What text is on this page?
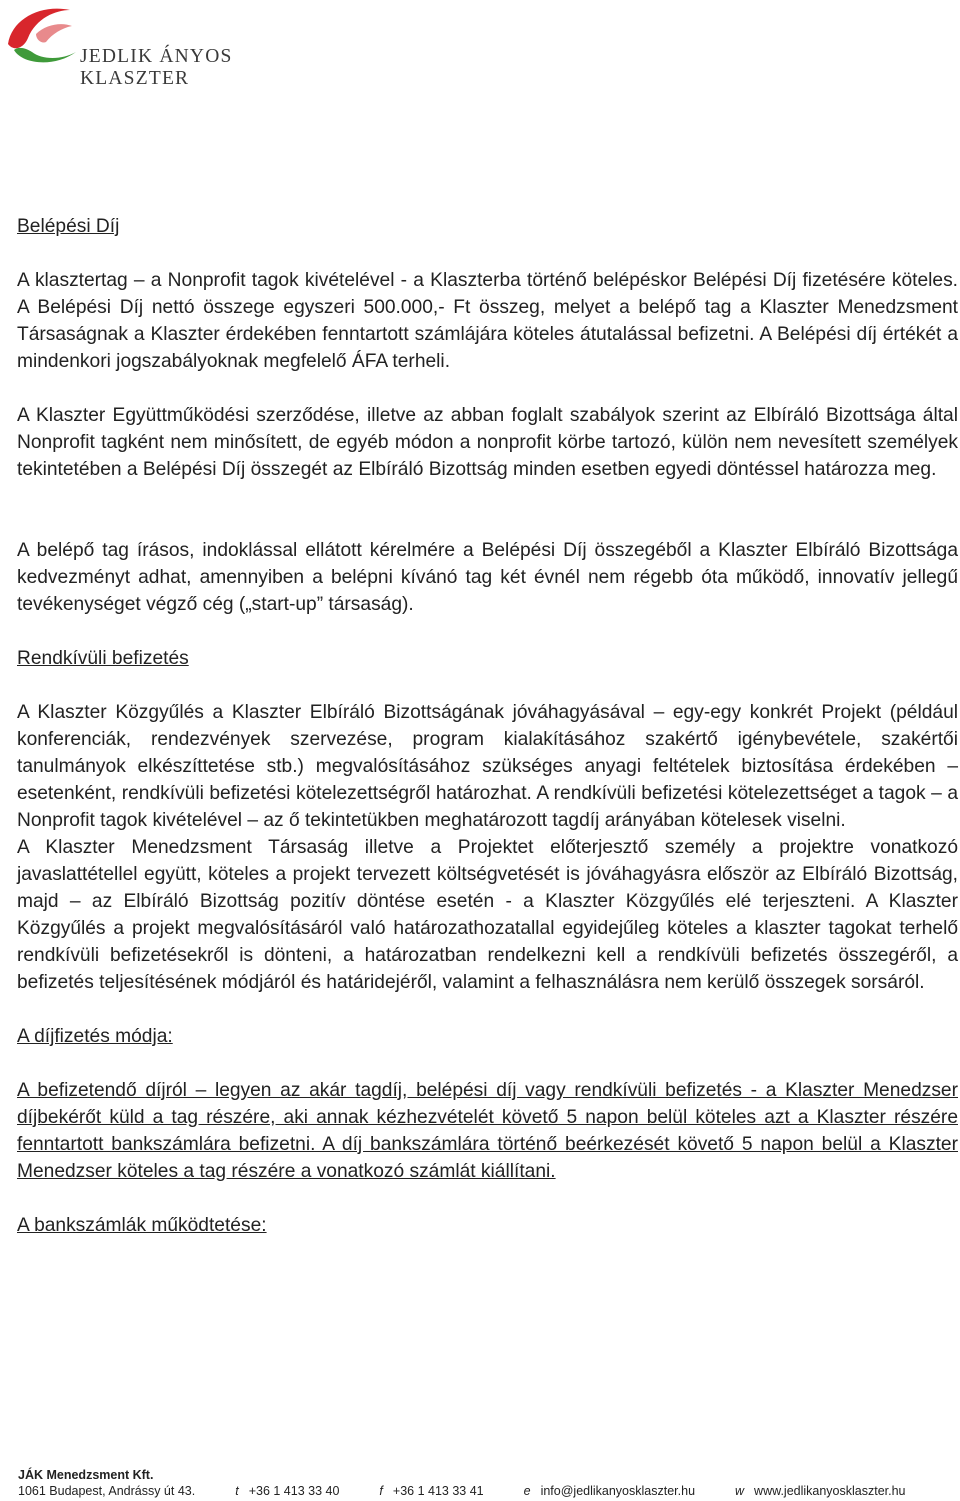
JEDLIK ÁNYOS
KLASZTER

Belépési Díj

A klasztertag – a Nonprofit tagok kivételével - a Klaszterba történő belépéskor Belépési Díj fizetésére köteles. A Belépési Díj nettó összege egyszeri 500.000,- Ft összeg, melyet a belépő tag a Klaszter Menedzsment Társaságnak a Klaszter érdekében fenntartott számlájára köteles átutalással befizetni. A Belépési díj értékét a mindenkori jogszabályoknak megfelelő ÁFA terheli.

A Klaszter Együttműködési szerződése, illetve az abban foglalt szabályok szerint az Elbíráló Bizottsága által Nonprofit tagként nem minősített, de egyéb módon a nonprofit körbe tartozó, külön nem nevesített személyek tekintetében a Belépési Díj összegét az Elbíráló Bizottság minden esetben egyedi döntéssel határozza meg.

A belépő tag írásos, indoklással ellátott kérelmére a Belépési Díj összegéből a Klaszter Elbíráló Bizottsága kedvezményt adhat, amennyiben a belépni kívánó tag két évnél nem régebb óta működő, innovatív jellegű tevékenységet végző cég („start-up” társaság).

Rendkívüli befizetés

A Klaszter Közgyűlés a Klaszter Elbíráló Bizottságának jóváhagyásával – egy-egy konkrét Projekt (például konferenciák, rendezvények szervezése, program kialakításához szakértő igénybevétele, szakértői tanulmányok elkészíttetése stb.) megvalósításához szükséges anyagi feltételek biztosítása érdekében – esetenként, rendkívüli befizetési kötelezettségről határozhat. A rendkívüli befizetési kötelezettséget a tagok – a Nonprofit tagok kivételével – az ő tekintetükben meghatározott tagdíj arányában kötelesek viselni.

A Klaszter Menedzsment Társaság illetve a Projektet előterjesztő személy a projektre vonatkozó javaslattétellel együtt, köteles a projekt tervezett költségvetését is jóváhagyásra először az Elbíráló Bizottság, majd – az Elbíráló Bizottság pozitív döntése esetén - a Klaszter Közgyűlés elé terjeszteni. A Klaszter Közgyűlés a projekt megvalósításáról való határozathozatallal egyidejűleg köteles a klaszter tagokat terhelő rendkívüli befizetésekről is dönteni, a határozatban rendelkezni kell a rendkívüli befizetés összegéről, a befizetés teljesítésének módjáról és határidejéről, valamint a felhasználásra nem kerülő összegek sorsáról.

A díjfizetés módja:

A befizetendő díjról – legyen az akár tagdíj, belépési díj vagy rendkívüli befizetés - a Klaszter Menedzser díjbekérőt küld a tag részére, aki annak kézhezvételét követő 5 napon belül köteles azt a Klaszter részére fenntartott bankszámlára befizetni. A díj bankszámlára történő beérkezését követő 5 napon belül a Klaszter Menedzser köteles a tag részére a vonatkozó számlát kiállítani.

A bankszámlák működtetése:

JÁK Menedzsment Kft.
1061 Budapest, Andrássy út 43.	t +36 1 413 33 40	f +36 1 413 33 41	e info@jedlikanyosklaszter.hu	w www.jedlikanyosklaszter.hu
